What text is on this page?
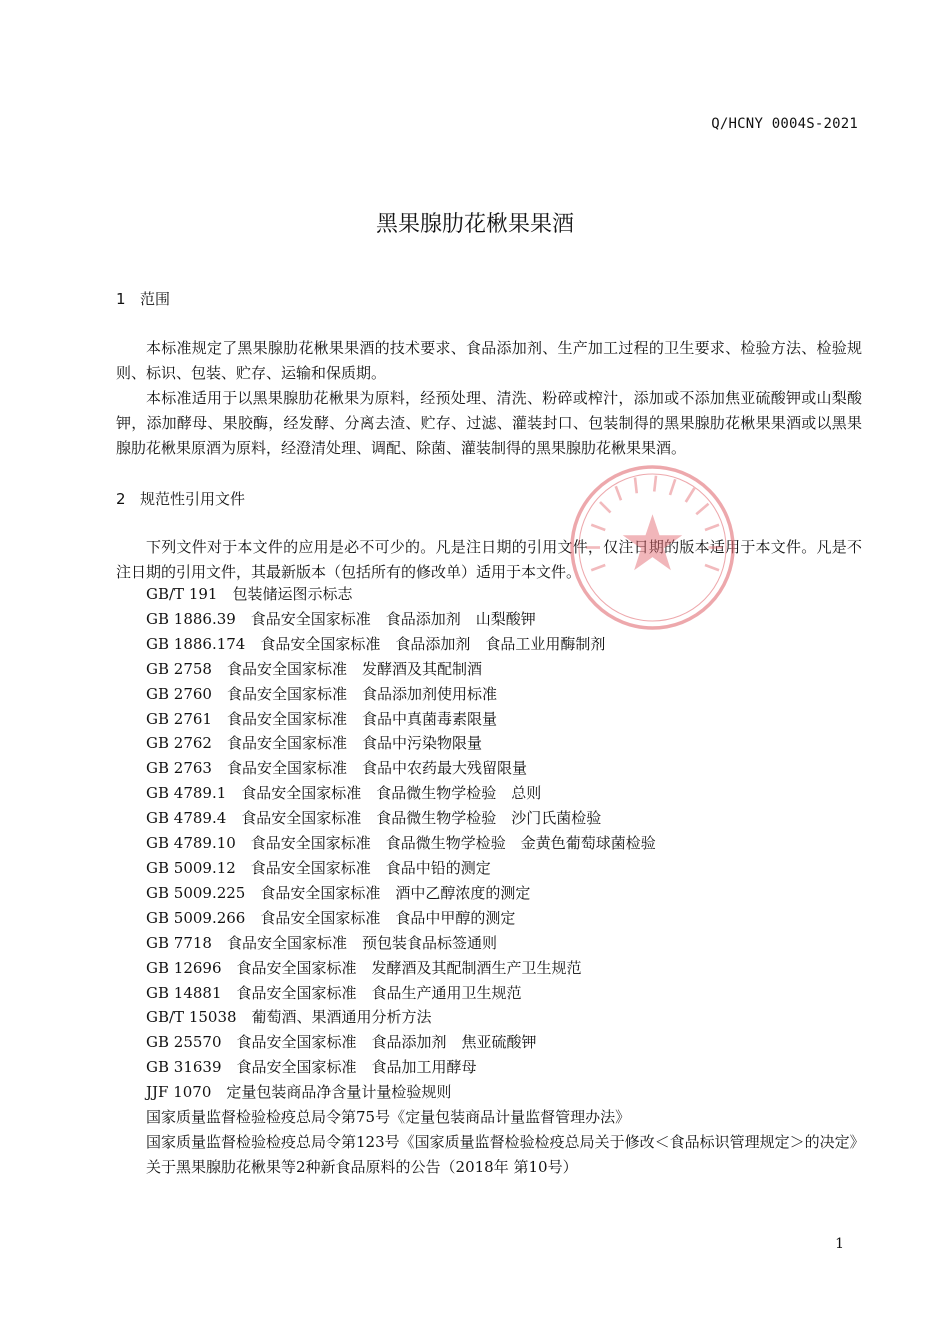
Q/HCNY 0004S-2021
黑果腺肋花楸果果酒
1 范围

本标准规定了黑果腺肋花楸果果酒的技术要求、食品添加剂、生产加工过程的卫生要求、检验方法、检验规则、标识、包装、贮存、运输和保质期。

本标准适用于以黑果腺肋花楸果为原料，经预处理、清洗、粉碎或榨汁，添加或不添加焦亚硫酸钾或山梨酸钾，添加酵母、果胶酶，经发酵、分离去渣、贮存、过滤、灌装封口、包装制得的黑果腺肋花楸果果酒或以黑果腺肋花楸果原酒为原料，经澄清处理、调配、除菌、灌装制得的黑果腺肋花楸果果酒。

2 规范性引用文件

下列文件对于本文件的应用是必不可少的。凡是注日期的引用文件，仅注日期的版本适用于本文件。凡是不注日期的引用文件，其最新版本（包括所有的修改单）适用于本文件。

GB/T 191　包装储运图示标志
GB 1886.39　食品安全国家标准　食品添加剂　山梨酸钾
GB 1886.174　食品安全国家标准　食品添加剂　食品工业用酶制剂
GB 2758　食品安全国家标准　发酵酒及其配制酒
GB 2760　食品安全国家标准　食品添加剂使用标准
GB 2761　食品安全国家标准　食品中真菌毒素限量
GB 2762　食品安全国家标准　食品中污染物限量
GB 2763　食品安全国家标准　食品中农药最大残留限量
GB 4789.1　食品安全国家标准　食品微生物学检验　总则
GB 4789.4　食品安全国家标准　食品微生物学检验　沙门氏菌检验
GB 4789.10　食品安全国家标准　食品微生物学检验　金黄色葡萄球菌检验
GB 5009.12　食品安全国家标准　食品中铅的测定
GB 5009.225　食品安全国家标准　酒中乙醇浓度的测定
GB 5009.266　食品安全国家标准　食品中甲醇的测定
GB 7718　食品安全国家标准　预包装食品标签通则
GB 12696　食品安全国家标准　发酵酒及其配制酒生产卫生规范
GB 14881　食品安全国家标准　食品生产通用卫生规范
GB/T 15038　葡萄酒、果酒通用分析方法
GB 25570　食品安全国家标准　食品添加剂　焦亚硫酸钾
GB 31639　食品安全国家标准　食品加工用酵母
JJF 1070　定量包装商品净含量计量检验规则
国家质量监督检验检疫总局令第75号《定量包装商品计量监督管理办法》
国家质量监督检验检疫总局令第123号《国家质量监督检验检疫总局关于修改＜食品标识管理规定＞的决定》
关于黑果腺肋花楸果等2种新食品原料的公告（2018年 第10号）
1
